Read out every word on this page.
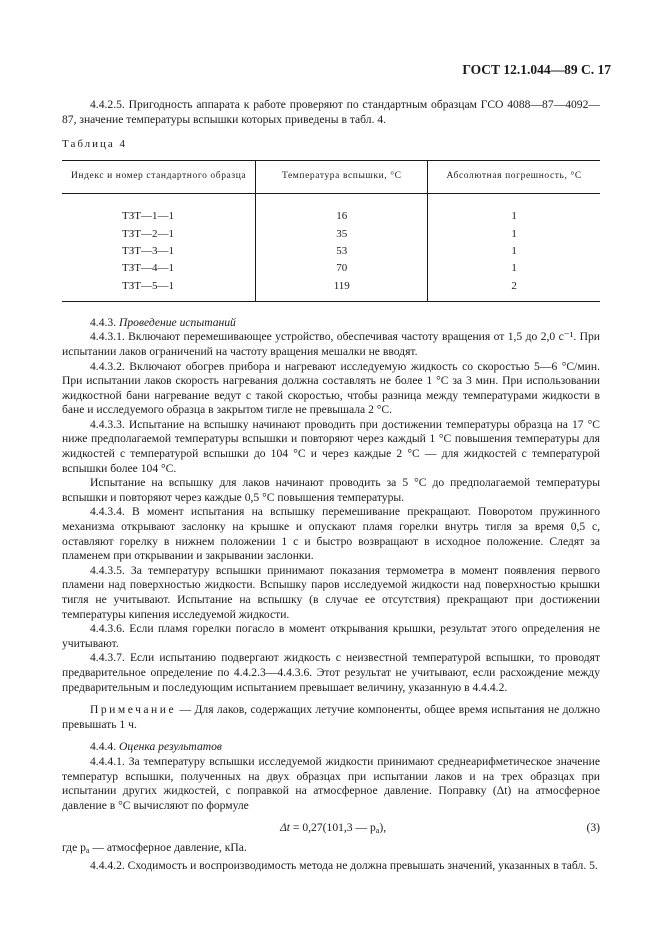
ГОСТ 12.1.044—89 С. 17

4.4.2.5. Пригодность аппарата к работе проверяют по стандартным образцам ГСО 4088—87—4092—87, значение температуры вспышки которых приведены в табл. 4.

Таблица 4

Индекс и номер стандартного образца	Температура вспышки, °С	Абсолютная погрешность, °С
ТЗТ—1—1	16	1
ТЗТ—2—1	35	1
ТЗТ—3—1	53	1
ТЗТ—4—1	70	1
ТЗТ—5—1	119	2

4.4.3. Проведение испытаний

4.4.3.1. Включают перемешивающее устройство, обеспечивая частоту вращения от 1,5 до 2,0 с⁻¹. При испытании лаков ограничений на частоту вращения мешалки не вводят.

4.4.3.2. Включают обогрев прибора и нагревают исследуемую жидкость со скоростью 5—6 °С/мин. При испытании лаков скорость нагревания должна составлять не более 1 °С за 3 мин. При использовании жидкостной бани нагревание ведут с такой скоростью, чтобы разница между температурами жидкости в бане и исследуемого образца в закрытом тигле не превышала 2 °С.

4.4.3.3. Испытание на вспышку начинают проводить при достижении температуры образца на 17 °С ниже предполагаемой температуры вспышки и повторяют через каждый 1 °С повышения температуры для жидкостей с температурой вспышки до 104 °С и через каждые 2 °С — для жидкостей с температурой вспышки более 104 °С.

Испытание на вспышку для лаков начинают проводить за 5 °С до предполагаемой температуры вспышки и повторяют через каждые 0,5 °С повышения температуры.

4.4.3.4. В момент испытания на вспышку перемешивание прекращают. Поворотом пружинного механизма открывают заслонку на крышке и опускают пламя горелки внутрь тигля за время 0,5 с, оставляют горелку в нижнем положении 1 с и быстро возвращают в исходное положение. Следят за пламенем при открывании и закрывании заслонки.

4.4.3.5. За температуру вспышки принимают показания термометра в момент появления первого пламени над поверхностью жидкости. Вспышку паров исследуемой жидкости над поверхностью крышки тигля не учитывают. Испытание на вспышку (в случае ее отсутствия) прекращают при достижении температуры кипения исследуемой жидкости.

4.4.3.6. Если пламя горелки погасло в момент открывания крышки, результат этого определения не учитывают.

4.4.3.7. Если испытанию подвергают жидкость с неизвестной температурой вспышки, то проводят предварительное определение по 4.4.2.3—4.4.3.6. Этот результат не учитывают, если расхождение между предварительным и последующим испытанием превышает величину, указанную в 4.4.4.2.

Примечание — Для лаков, содержащих летучие компоненты, общее время испытания не должно превышать 1 ч.

4.4.4. Оценка результатов

4.4.4.1. За температуру вспышки исследуемой жидкости принимают среднеарифметическое значение температур вспышки, полученных на двух образцах при испытании лаков и на трех образцах при испытании других жидкостей, с поправкой на атмосферное давление. Поправку (Δt) на атмосферное давление в °С вычисляют по формуле

Δt = 0,27(101,3 — $p_a$),	(3)

где $p_a$ — атмосферное давление, кПа.

4.4.4.2. Сходимость и воспроизводимость метода не должна превышать значений, указанных в табл. 5.
